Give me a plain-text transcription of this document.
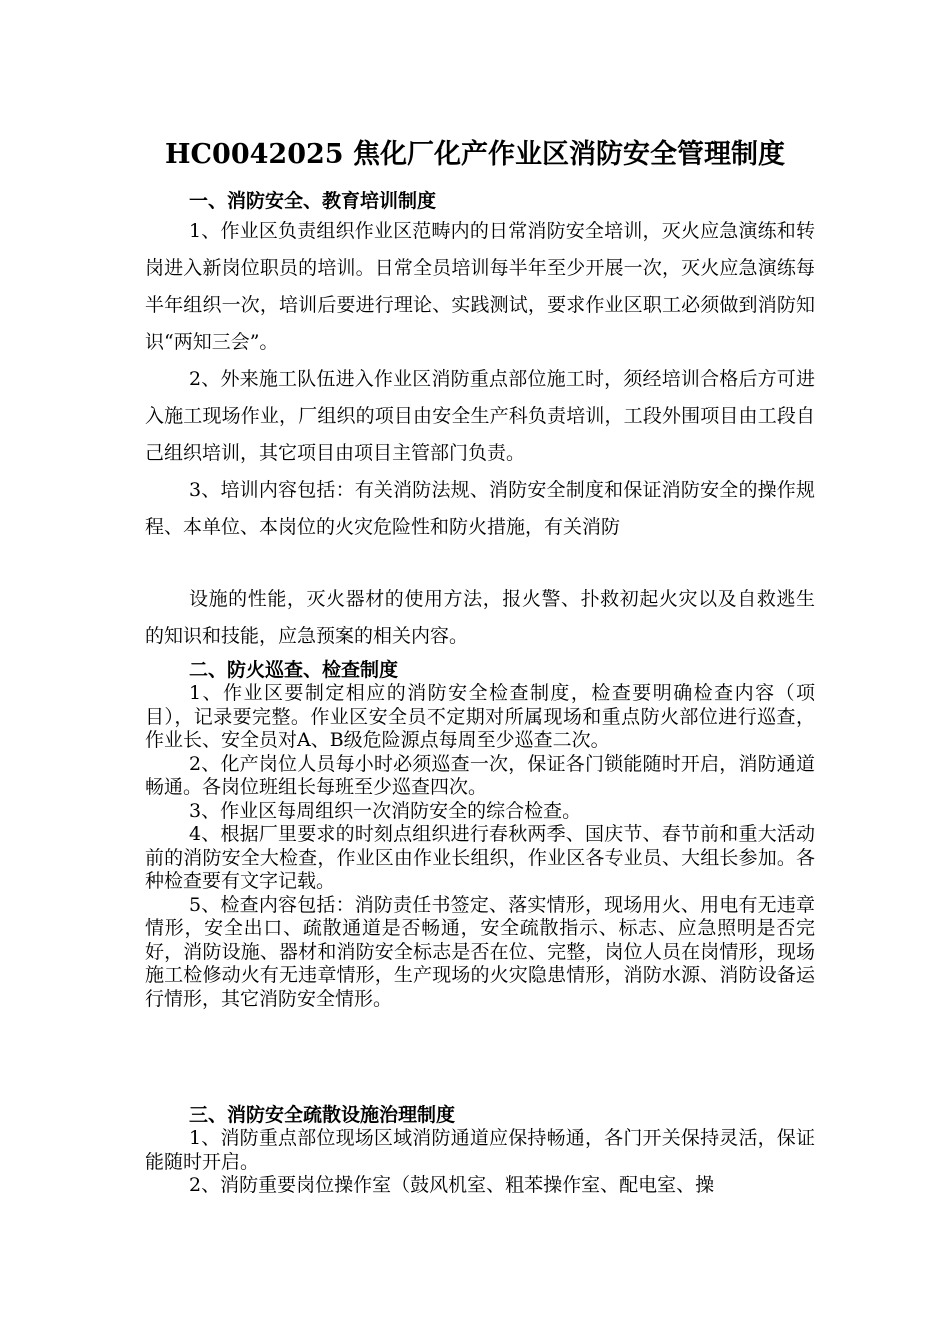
HC0042025 焦化厂化产作业区消防安全管理制度

一、消防安全、教育培训制度

1、作业区负责组织作业区范畴内的日常消防安全培训，灭火应急演练和转岗进入新岗位职员的培训。日常全员培训每半年至少开展一次，灭火应急演练每半年组织一次，培训后要进行理论、实践测试，要求作业区职工必须做到消防知识“两知三会”。

2、外来施工队伍进入作业区消防重点部位施工时，须经培训合格后方可进入施工现场作业，厂组织的项目由安全生产科负责培训，工段外围项目由工段自己组织培训，其它项目由项目主管部门负责。

3、培训内容包括：有关消防法规、消防安全制度和保证消防安全的操作规程、本单位、本岗位的火灾危险性和防火措施，有关消防

设施的性能，灭火器材的使用方法，报火警、扑救初起火灾以及自救逃生的知识和技能，应急预案的相关内容。

二、防火巡查、检查制度

1、作业区要制定相应的消防安全检查制度，检查要明确检查内容（项目），记录要完整。作业区安全员不定期对所属现场和重点防火部位进行巡查，作业长、安全员对A、B级危险源点每周至少巡查二次。

2、化产岗位人员每小时必须巡查一次，保证各门锁能随时开启，消防通道畅通。各岗位班组长每班至少巡查四次。

3、作业区每周组织一次消防安全的综合检查。

4、根据厂里要求的时刻点组织进行春秋两季、国庆节、春节前和重大活动前的消防安全大检查，作业区由作业长组织，作业区各专业员、大组长参加。各种检查要有文字记载。

5、检查内容包括：消防责任书签定、落实情形，现场用火、用电有无违章情形，安全出口、疏散通道是否畅通，安全疏散指示、标志、应急照明是否完好，消防设施、器材和消防安全标志是否在位、完整，岗位人员在岗情形，现场施工检修动火有无违章情形，生产现场的火灾隐患情形，消防水源、消防设备运行情形，其它消防安全情形。

三、消防安全疏散设施治理制度

1、消防重点部位现场区域消防通道应保持畅通，各门开关保持灵活，保证能随时开启。

2、消防重要岗位操作室（鼓风机室、粗苯操作室、配电室、操
